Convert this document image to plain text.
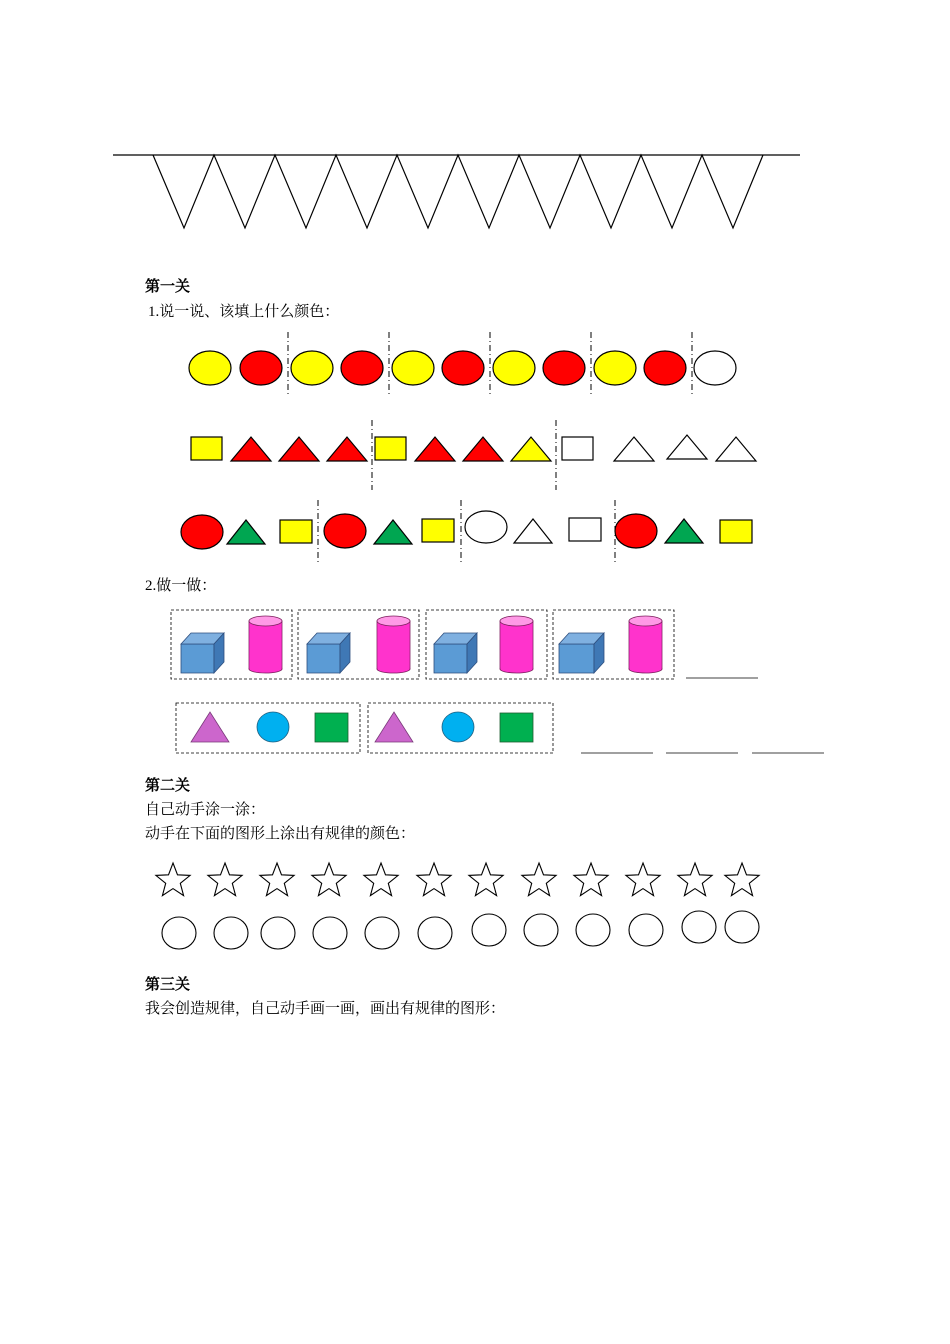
第一关
1.说一说、该填上什么颜色：
2.做一做：
第二关
自己动手涂一涂：
动手在下面的图形上涂出有规律的颜色：
第三关
我会创造规律，自己动手画一画，画出有规律的图形：
